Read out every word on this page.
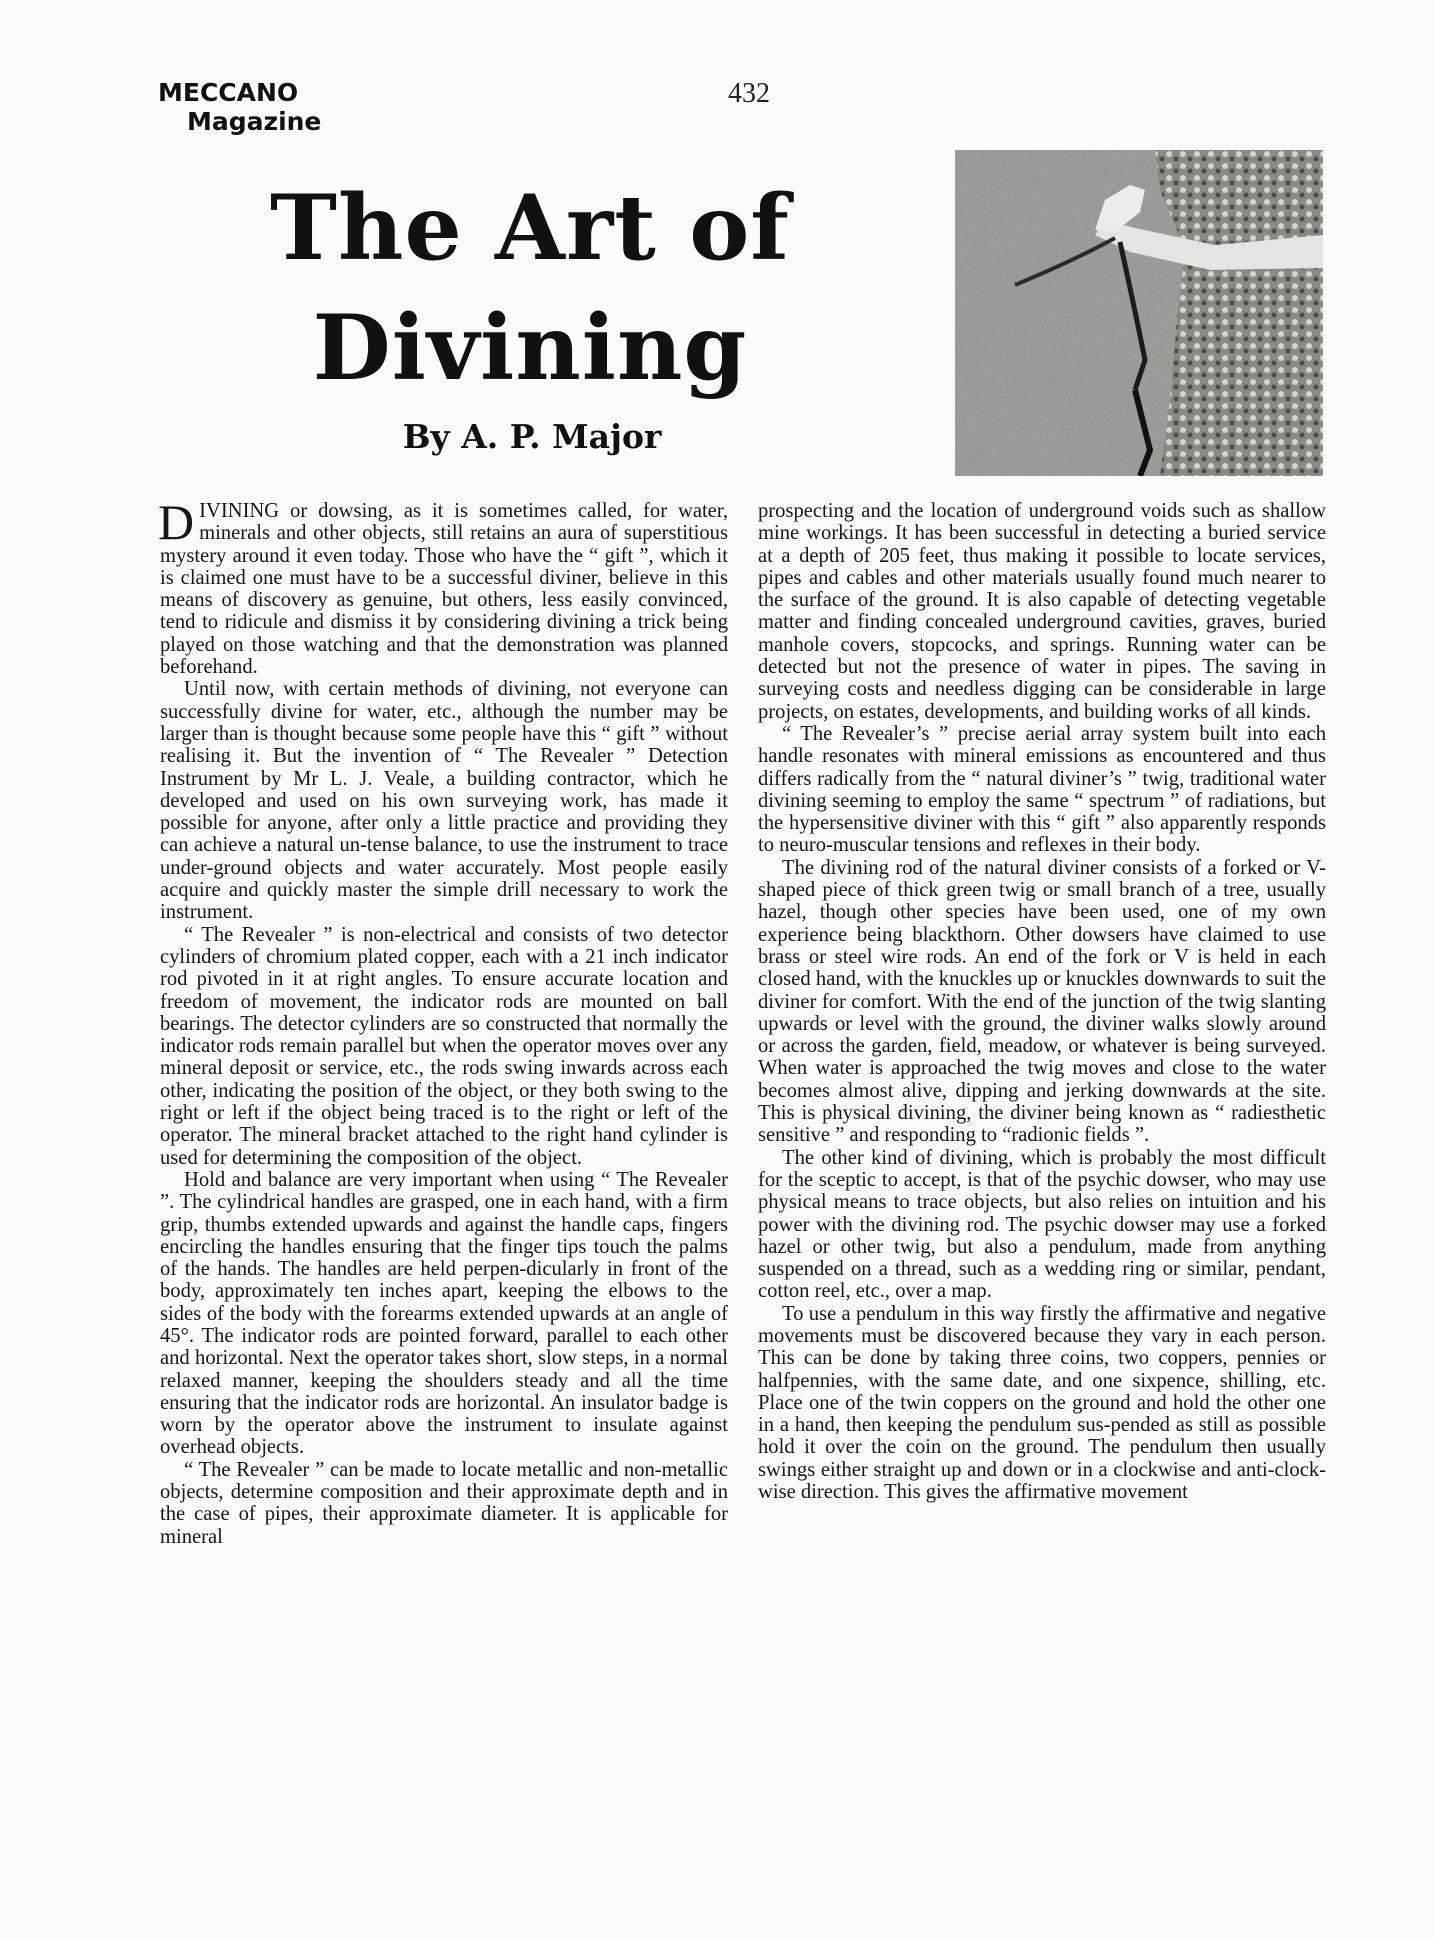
MECCANO
Magazine
432
The Art of
Divining
By A. P. Major

DIVINING or dowsing, as it is sometimes called, for water, minerals and other objects, still retains an aura of superstitious mystery around it even today. Those who have the “ gift ”, which it is claimed one must have to be a successful diviner, believe in this means of discovery as genuine, but others, less easily convinced, tend to ridicule and dismiss it by considering divining a trick being played on those watching and that the demonstration was planned beforehand.

Until now, with certain methods of divining, not everyone can successfully divine for water, etc., although the number may be larger than is thought because some people have this “ gift ” without realising it. But the invention of “ The Revealer ” Detection Instrument by Mr L. J. Veale, a building contractor, which he developed and used on his own surveying work, has made it possible for anyone, after only a little practice and providing they can achieve a natural un-tense balance, to use the instrument to trace under-ground objects and water accurately. Most people easily acquire and quickly master the simple drill necessary to work the instrument.

“ The Revealer ” is non-electrical and consists of two detector cylinders of chromium plated copper, each with a 21 inch indicator rod pivoted in it at right angles. To ensure accurate location and freedom of movement, the indicator rods are mounted on ball bearings. The detector cylinders are so constructed that normally the indicator rods remain parallel but when the operator moves over any mineral deposit or service, etc., the rods swing inwards across each other, indicating the position of the object, or they both swing to the right or left if the object being traced is to the right or left of the operator. The mineral bracket attached to the right hand cylinder is used for determining the composition of the object.

Hold and balance are very important when using “ The Revealer ”. The cylindrical handles are grasped, one in each hand, with a firm grip, thumbs extended upwards and against the handle caps, fingers encircling the handles ensuring that the finger tips touch the palms of the hands. The handles are held perpen-dicularly in front of the body, approximately ten inches apart, keeping the elbows to the sides of the body with the forearms extended upwards at an angle of 45°. The indicator rods are pointed forward, parallel to each other and horizontal. Next the operator takes short, slow steps, in a normal relaxed manner, keeping the shoulders steady and all the time ensuring that the indicator rods are horizontal. An insulator badge is worn by the operator above the instrument to insulate against overhead objects.

“ The Revealer ” can be made to locate metallic and non-metallic objects, determine composition and their approximate depth and in the case of pipes, their approximate diameter. It is applicable for mineral

prospecting and the location of underground voids such as shallow mine workings. It has been successful in detecting a buried service at a depth of 205 feet, thus making it possible to locate services, pipes and cables and other materials usually found much nearer to the surface of the ground. It is also capable of detecting vegetable matter and finding concealed underground cavities, graves, buried manhole covers, stopcocks, and springs. Running water can be detected but not the presence of water in pipes. The saving in surveying costs and needless digging can be considerable in large projects, on estates, developments, and building works of all kinds.

“ The Revealer’s ” precise aerial array system built into each handle resonates with mineral emissions as encountered and thus differs radically from the “ natural diviner’s ” twig, traditional water divining seeming to employ the same “ spectrum ” of radiations, but the hypersensitive diviner with this “ gift ” also apparently responds to neuro-muscular tensions and reflexes in their body.

The divining rod of the natural diviner consists of a forked or V-shaped piece of thick green twig or small branch of a tree, usually hazel, though other species have been used, one of my own experience being blackthorn. Other dowsers have claimed to use brass or steel wire rods. An end of the fork or V is held in each closed hand, with the knuckles up or knuckles downwards to suit the diviner for comfort. With the end of the junction of the twig slanting upwards or level with the ground, the diviner walks slowly around or across the garden, field, meadow, or whatever is being surveyed. When water is approached the twig moves and close to the water becomes almost alive, dipping and jerking downwards at the site. This is physical divining, the diviner being known as “ radiesthetic sensitive ” and responding to “radionic fields ”.

The other kind of divining, which is probably the most difficult for the sceptic to accept, is that of the psychic dowser, who may use physical means to trace objects, but also relies on intuition and his power with the divining rod. The psychic dowser may use a forked hazel or other twig, but also a pendulum, made from anything suspended on a thread, such as a wedding ring or similar, pendant, cotton reel, etc., over a map.

To use a pendulum in this way firstly the affirmative and negative movements must be discovered because they vary in each person. This can be done by taking three coins, two coppers, pennies or halfpennies, with the same date, and one sixpence, shilling, etc. Place one of the twin coppers on the ground and hold the other one in a hand, then keeping the pendulum sus-pended as still as possible hold it over the coin on the ground. The pendulum then usually swings either straight up and down or in a clockwise and anti-clock-wise direction. This gives the affirmative movement
